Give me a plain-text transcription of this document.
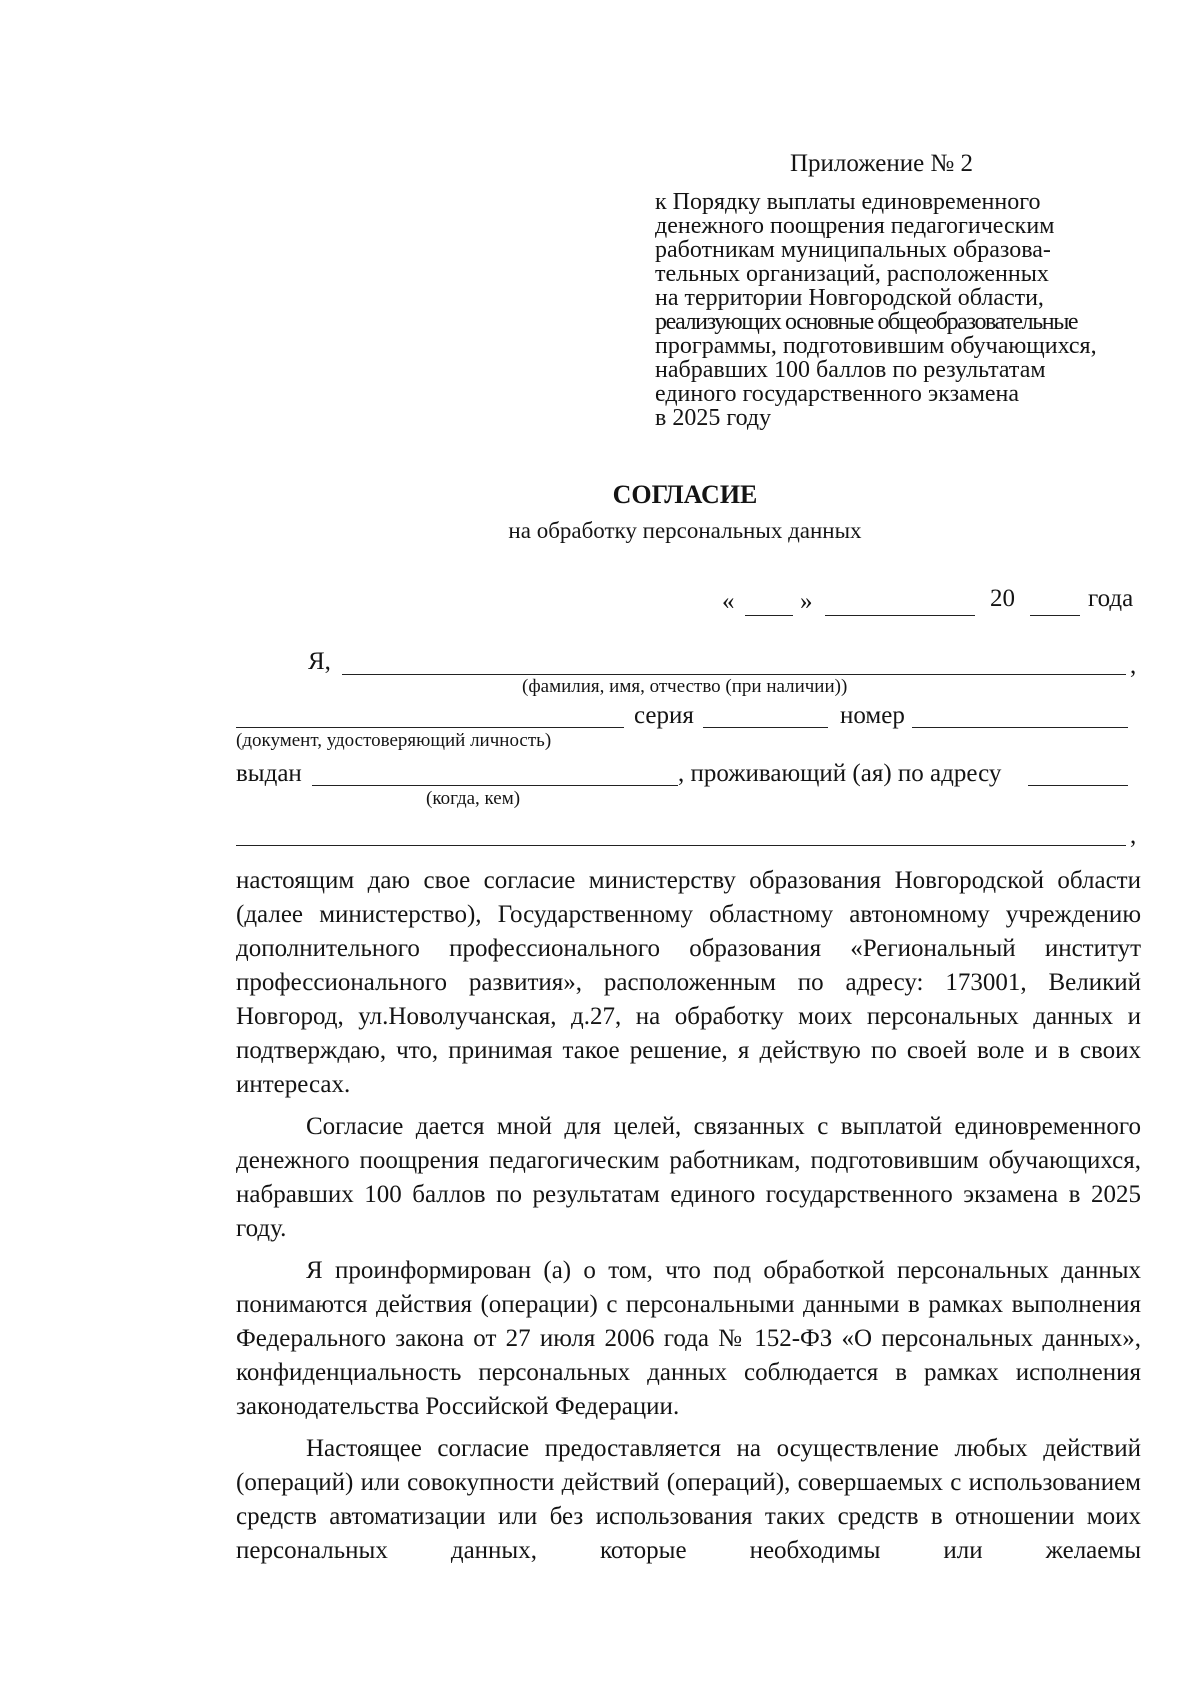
Приложение № 2
к Порядку выплаты единовременного
денежного поощрения педагогическим
работникам муниципальных образова-
тельных организаций, расположенных
на территории Новгородской области,
реализующих основные общеобразовательные
программы, подготовившим обучающихся,
набравших 100 баллов по результатам
единого государственного экзамена
в 2025 году
СОГЛАСИЕ
на обработку персональных данных
«	»	20	года
Я,	,
(фамилия, имя, отчество (при наличии))
серия	номер
(документ, удостоверяющий личность)
выдан	, проживающий (ая) по адресу
(когда, кем)
,

настоящим даю свое согласие министерству образования Новгородской области (далее министерство), Государственному областному автономному учреждению дополнительного профессионального образования «Региональный институт профессионального развития», расположенным по адресу: 173001, Великий Новгород, ул.Новолучанская, д.27, на обработку моих персональных данных и подтверждаю, что, принимая такое решение, я действую по своей воле и в своих интересах.

Согласие дается мной для целей, связанных с выплатой единовременного денежного поощрения педагогическим работникам, подготовившим обучающихся, набравших 100 баллов по результатам единого государственного экзамена в 2025 году.

Я проинформирован (а) о том, что под обработкой персональных данных понимаются действия (операции) с персональными данными в рамках выполнения Федерального закона от 27 июля 2006 года № 152-ФЗ «О персональных данных», конфиденциальность персональных данных соблюдается в рамках исполнения законодательства Российской Федерации.

Настоящее согласие предоставляется на осуществление любых действий (операций) или совокупности действий (операций), совершаемых с использованием средств автоматизации или без использования таких средств в отношении моих персональных данных, которые необходимы или желаемы
